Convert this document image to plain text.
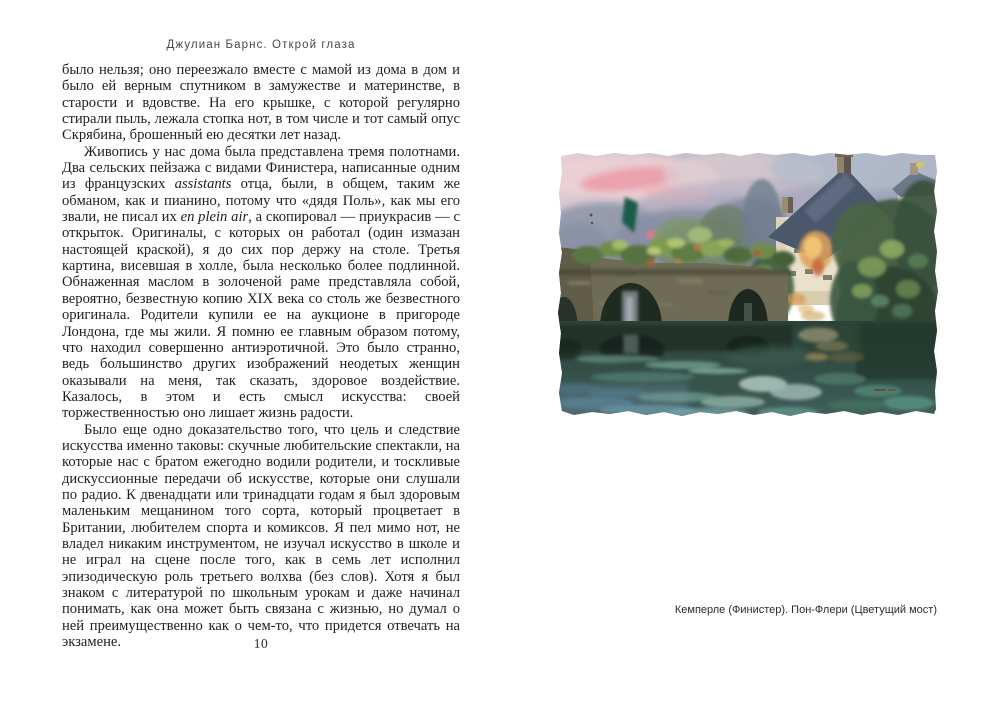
Джулиан Барнс. Открой глаза

было нельзя; оно переезжало вместе с мамой из дома в дом и было ей верным спутником в замужестве и материнстве, в старости и вдовстве. На его крышке, с которой регулярно стирали пыль, лежала стопка нот, в том числе и тот самый опус Скрябина, брошенный ею десятки лет назад.

Живопись у нас дома была представлена тремя полотнами. Два сельских пейзажа с видами Финистера, написанные одним из французских assistants отца, были, в общем, таким же обманом, как и пианино, потому что «дядя Поль», как мы его звали, не писал их en plein air, а скопировал — приукрасив — с открыток. Оригиналы, с которых он работал (один измазан настоящей краской), я до сих пор держу на столе. Третья картина, висевшая в холле, была несколько более подлинной. Обнаженная маслом в золоченой раме представляла собой, вероятно, безвестную копию XIX века со столь же безвестного оригинала. Родители купили ее на аукционе в пригороде Лондона, где мы жили. Я помню ее главным образом потому, что находил совершенно антиэротичной. Это было странно, ведь большинство других изображений неодетых женщин оказывали на меня, так сказать, здоровое воздействие. Казалось, в этом и есть смысл искусства: своей торжественностью оно лишает жизнь радости.

Было еще одно доказательство того, что цель и следствие искусства именно таковы: скучные любительские спектакли, на которые нас с братом ежегодно водили родители, и тоскливые дискуссионные передачи об искусстве, которые они слушали по радио. К двенадцати или тринадцати годам я был здоровым маленьким мещанином того сорта, который процветает в Британии, любителем спорта и комиксов. Я пел мимо нот, не владел никаким инструментом, не изучал искусство в школе и не играл на сцене после того, как в семь лет исполнил эпизодическую роль третьего волхва (без слов). Хотя я был знаком с литературой по школьным урокам и даже начинал понимать, как она может быть связана с жизнью, но думал о ней преимущественно как о чем-то, что придется отвечать на экзамене.	10
Кемперле (Финистер). Пон-Флери (Цветущий мост)
